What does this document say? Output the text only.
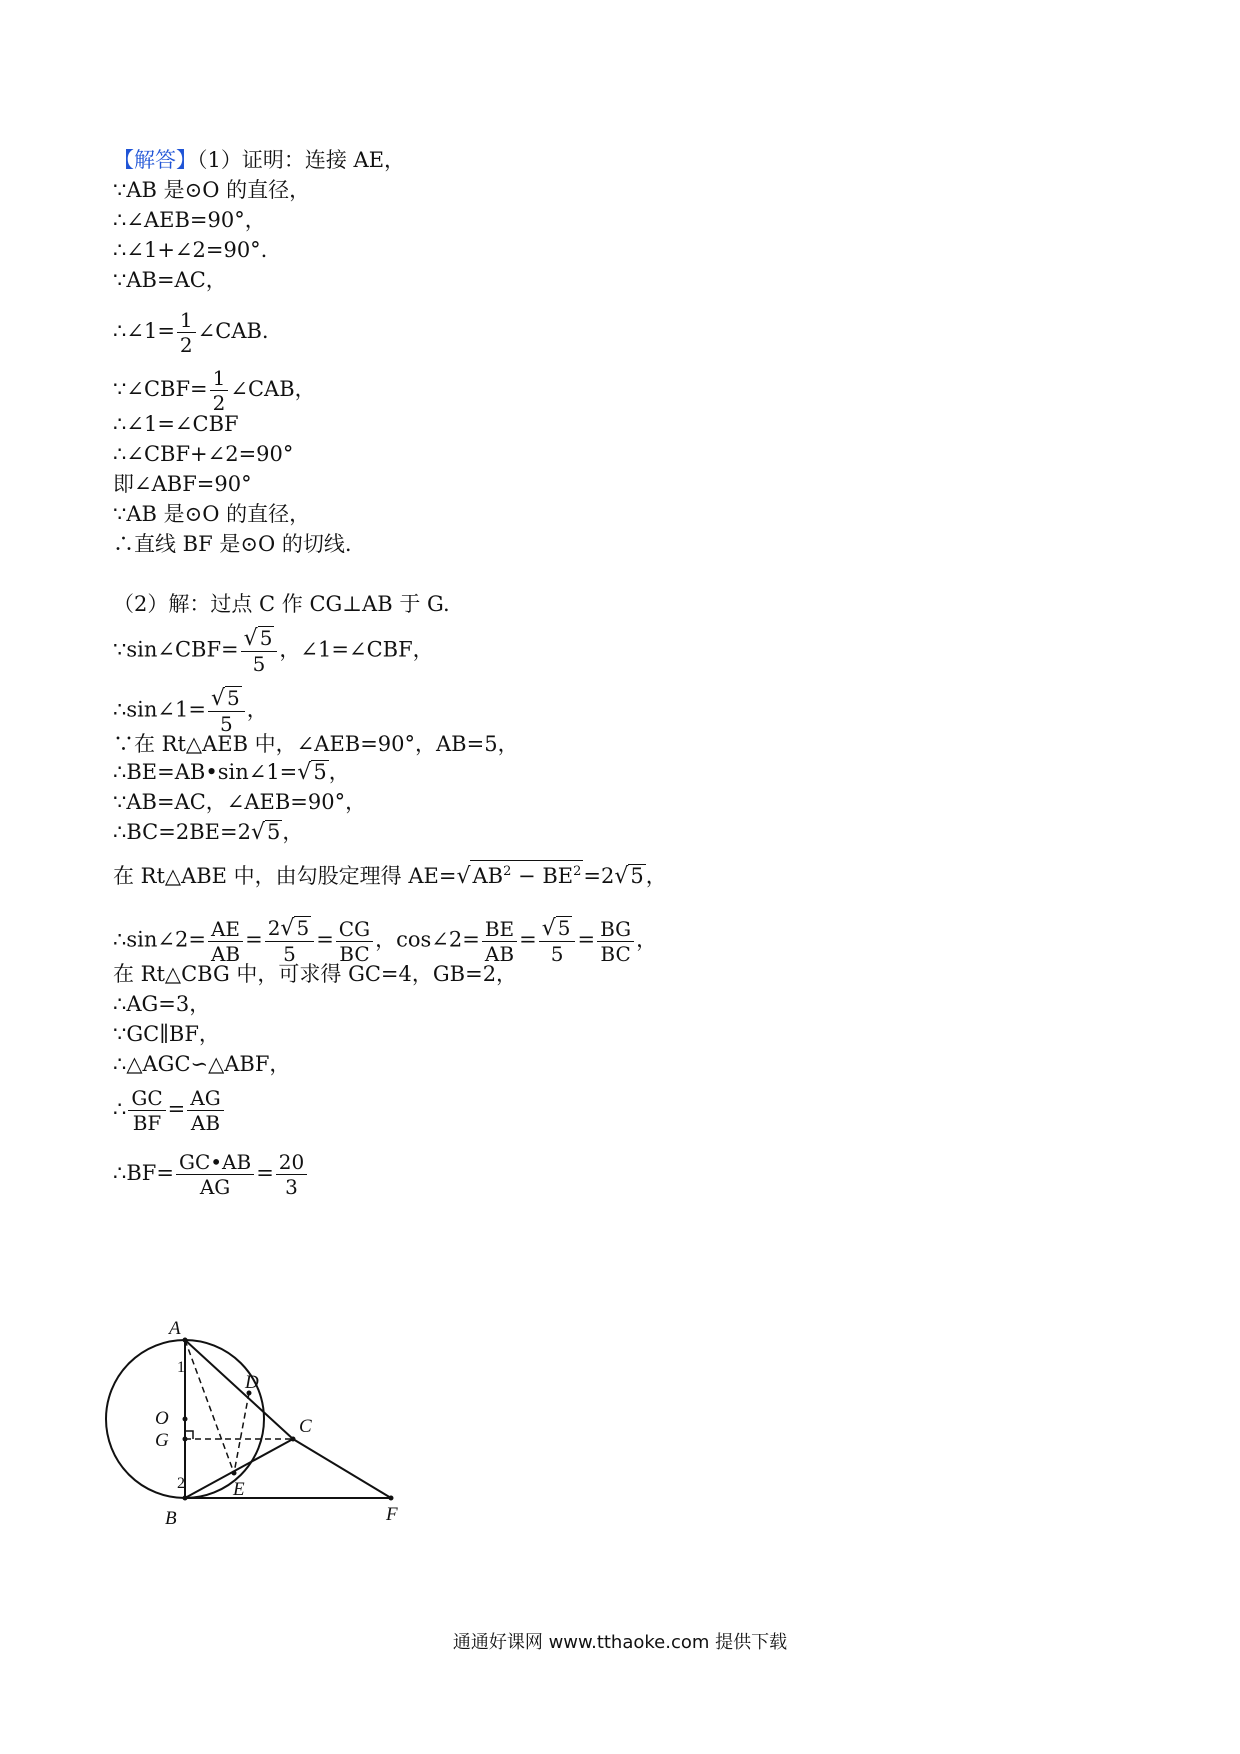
【解答】（1）证明：连接 AE，
∵AB 是⊙O 的直径，
∴∠AEB=90°，
∴∠1+∠2=90°.
∵AB=AC，
∴∠1= $\frac{1}{2}$ ∠CAB.
∵∠CBF= $\frac{1}{2}$ ∠CAB，
∴∠1=∠CBF
∴∠CBF+∠2=90°
即∠ABF=90°
∵AB 是⊙O 的直径，
∴直线 BF 是⊙O 的切线.
（2）解：过点 C 作 CG⊥AB 于 G.
∵sin∠CBF= $\frac{√ 5}{5}$ ，∠1=∠CBF，
∴sin∠1= $\frac{√ 5}{5}$ ，
∵在 Rt△AEB 中，∠AEB=90°，AB=5，
∴BE=AB•sin∠1=√5，
∵AB=AC，∠AEB=90°，
∴BC=2BE=2√5，
在 Rt△ABE 中，由勾股定理得 $AE=√AB^2 - BE^2=2√5$，
∴sin∠2= $\frac{AE}{AB} = \frac{2√ 5}{5} = \frac{CG}{BC}$ ，cos∠2= $\frac{BE}{AB} = \frac{√ 5}{5} = \frac{BG}{BC}$ ，
在 Rt△CBG 中，可求得 GC=4，GB=2，
∴AG=3，
∵GC∥BF，
∴△AGC∽△ABF，
∴ $\frac{GC}{BF} = \frac{AG}{AB}$
∴BF= $\frac{GC•AB}{AG} = \frac{20}{3}$
A
B
C
D
E
F
G
O
1
2
通通好课网 www.tthaoke.com 提供下载
